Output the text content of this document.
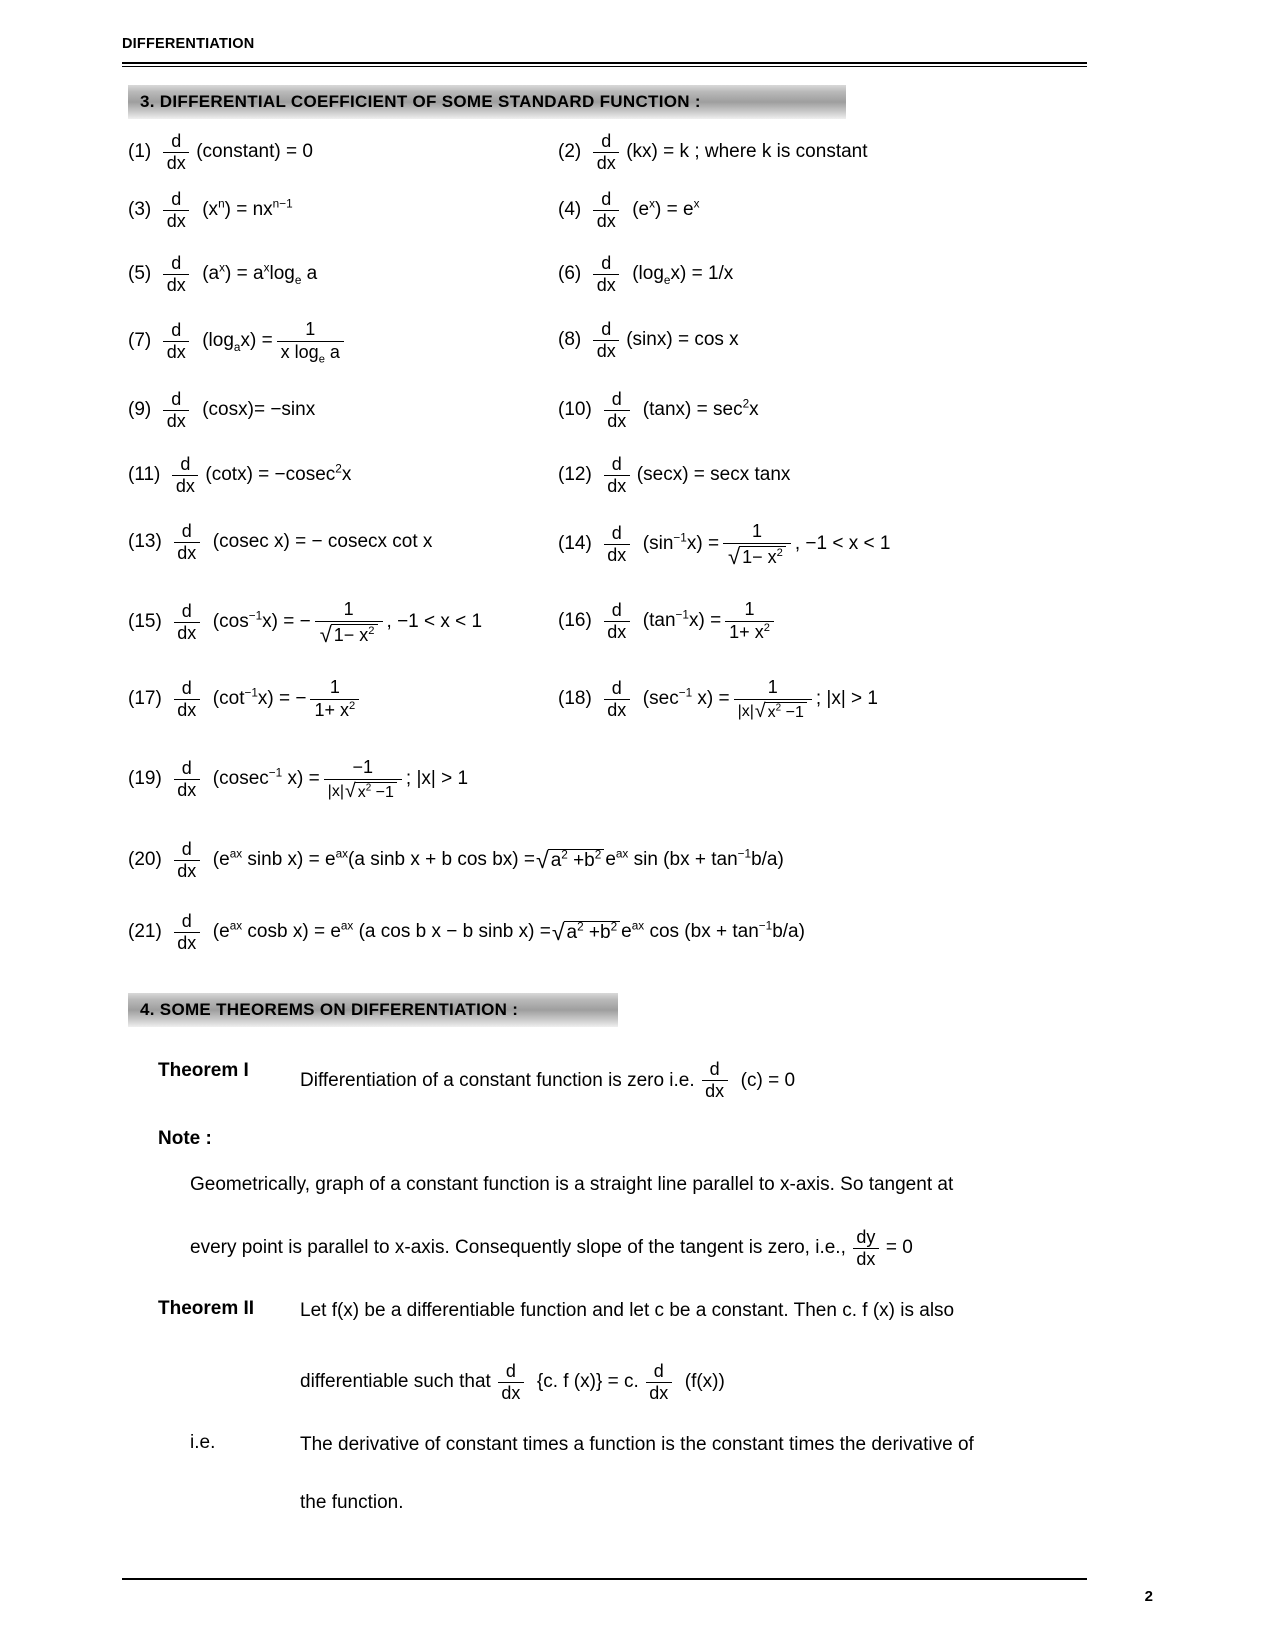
DIFFERENTIATION
3. DIFFERENTIAL COEFFICIENT OF SOME STANDARD FUNCTION :
$(1) \frac{d}{dx}$ (constant) = 0	$(2) \frac{d}{dx} (kx) = k$ ; where k is constant
$(3) \frac{d}{dx} (x^n) = nx^{n-1}$	$(4) \frac{d}{dx} (e^x) = e^x$
$(5) \frac{d}{dx} (a^x) = a^x\log_e$ a	$(6) \frac{d}{dx} (\log_ex) = 1/x$
$(7) \frac{d}{dx} (\log_ax) = \frac{1}{x \log_e a}$	$(8) \frac{d}{dx} (\sin x) = \cos x$
$(9) \frac{d}{dx} (\cos x)= -\sin x$	$(10) \frac{d}{dx} (\tan x) = \sec^2x$
$(11) \frac{d}{dx} (\cot x) = -cosec^2x$	$(12) \frac{d}{dx} (\sec x) = \sec x$ tanx
$(13) \frac{d}{dx} (cosec$ x) = − cosecx cot x	$(14) \frac{d}{dx} (\sin^{-1}x) = \frac{1}{√ 1- x^2}$ , −1 < x < 1
$(15) \frac{d}{dx} (\cos^{-1}x)$ = − $\frac{1}{√ 1- x^2}$ , −1 < x < 1	$(16) \frac{d}{dx} (\tan^{-1}x) = \frac{1}{1+ x^2}$
$(17) \frac{d}{dx} (\cot^{-1}x)$ = − $\frac{1}{1+ x^2}$	$(18) \frac{d}{dx} (\sec^{-1}$ $x) = \frac{1}{|x| √ x^2 -1}$ ; |x| > 1
$(19) \frac{d}{dx} (cosec^{-1}$ $x) = \frac{-1}{|x| √ x^2 -1}$ ; |x| > 1
$(20) \frac{d}{dx} (e^{ax}$ sinb $x) = e^{ax}(a$ sinb x + b cos bx) = √ $a^2 +b^2$ $e^{ax}$ $\sin (bx + \tan^{-1}b/a)$
$(21) \frac{d}{dx} (e^{ax}$ cosb $x) = e^{ax}$ (a cos b x − b sinb x) = √ $a^2 +b^2$ $e^{ax}$ $\cos (bx + \tan^{-1}b/a)$
4. SOME THEOREMS ON DIFFERENTIATION :
Theorem I	Differentiation of a constant function is zero i.e. $\frac{d}{dx} (c) = 0$
Note :
Geometrically, graph of a constant function is a straight line parallel to x-axis. So tangent at
every point is parallel to x-axis. Consequently slope of the tangent is zero, i.e., $\frac{dy}{dx} = 0$
Theorem II	Let f(x) be a differentiable function and let c be a constant. Then c. f (x) is also
differentiable such that $\frac{d}{dx} \{c$. f (x)} = c. $\frac{d}{dx} (f(x))$
i.e.	The derivative of constant times a function is the constant times the derivative of
the function.
2
